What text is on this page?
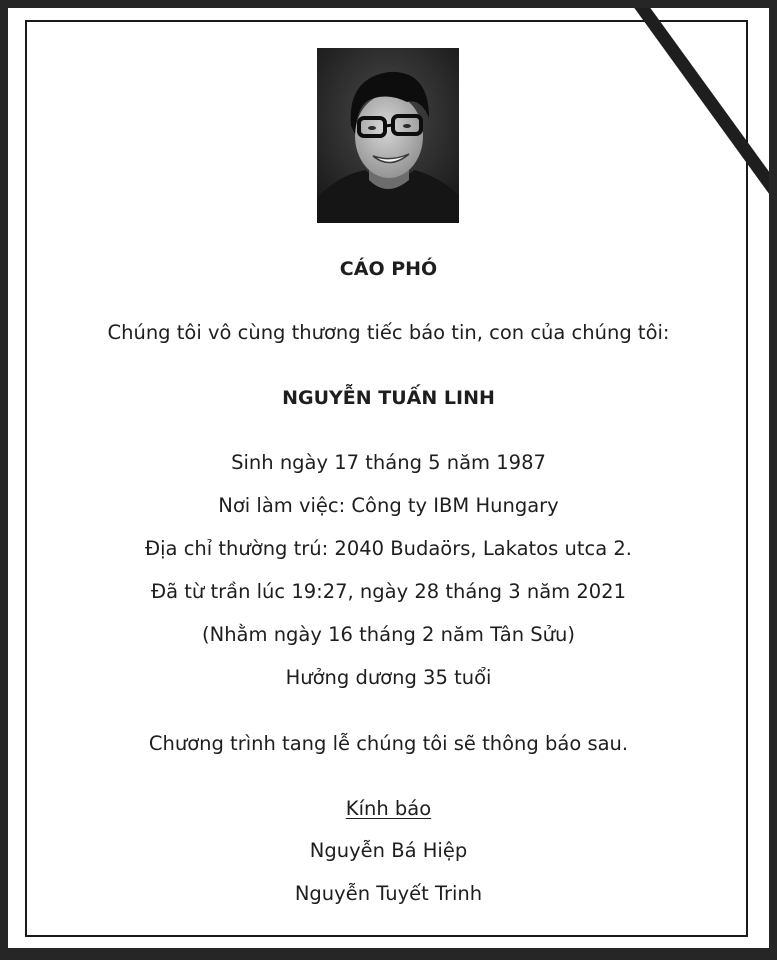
CÁO PHÓ
Chúng tôi vô cùng thương tiếc báo tin, con của chúng tôi:
NGUYỄN TUẤN LINH
Sinh ngày 17 tháng 5 năm 1987
Nơi làm việc: Công ty IBM Hungary
Địa chỉ thường trú: 2040 Budaörs, Lakatos utca 2.
Đã từ trần lúc 19:27, ngày 28 tháng 3 năm 2021
(Nhằm ngày 16 tháng 2 năm Tân Sửu)
Hưởng dương 35 tuổi
Chương trình tang lễ chúng tôi sẽ thông báo sau.
Kính báo
Nguyễn Bá Hiệp
Nguyễn Tuyết Trinh
